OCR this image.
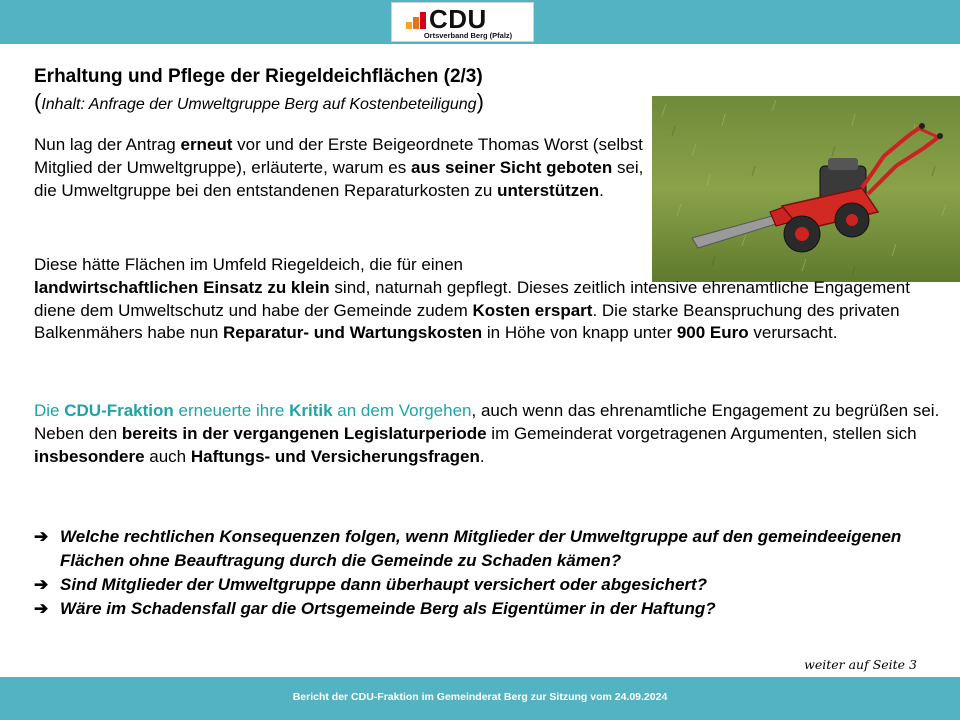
CDU
Ortsverband Berg (Pfalz)
Erhaltung und Pflege der Riegeldeichflächen (2/3)
(Inhalt: Anfrage der Umweltgruppe Berg auf Kostenbeteiligung)
Nun lag der Antrag erneut vor und der Erste Beigeordnete Thomas Worst (selbst Mitglied der Umweltgruppe), erläuterte, warum es aus seiner Sicht geboten sei, die Umweltgruppe bei den entstandenen Reparaturkosten zu unterstützen.
Diese hätte Flächen im Umfeld Riegeldeich, die für einen
landwirtschaftlichen Einsatz zu klein sind, naturnah gepflegt. Dieses zeitlich intensive ehrenamtliche Engagement diene dem Umweltschutz und habe der Gemeinde zudem Kosten erspart. Die starke Beanspruchung des privaten Balkenmähers habe nun Reparatur- und Wartungskosten in Höhe von knapp unter 900 Euro verursacht.
Die CDU-Fraktion erneuerte ihre Kritik an dem Vorgehen, auch wenn das ehrenamtliche Engagement zu begrüßen sei. Neben den bereits in der vergangenen Legislaturperiode im Gemeinderat vorgetragenen Argumenten, stellen sich insbesondere auch Haftungs- und Versicherungsfragen.
➔ Welche rechtlichen Konsequenzen folgen, wenn Mitglieder der Umweltgruppe auf den gemeindeeigenen Flächen ohne Beauftragung durch die Gemeinde zu Schaden kämen?
➔ Sind Mitglieder der Umweltgruppe dann überhaupt versichert oder abgesichert?
➔ Wäre im Schadensfall gar die Ortsgemeinde Berg als Eigentümer in der Haftung?
weiter auf Seite 3
Bericht der CDU-Fraktion im Gemeinderat Berg zur Sitzung vom 24.09.2024
